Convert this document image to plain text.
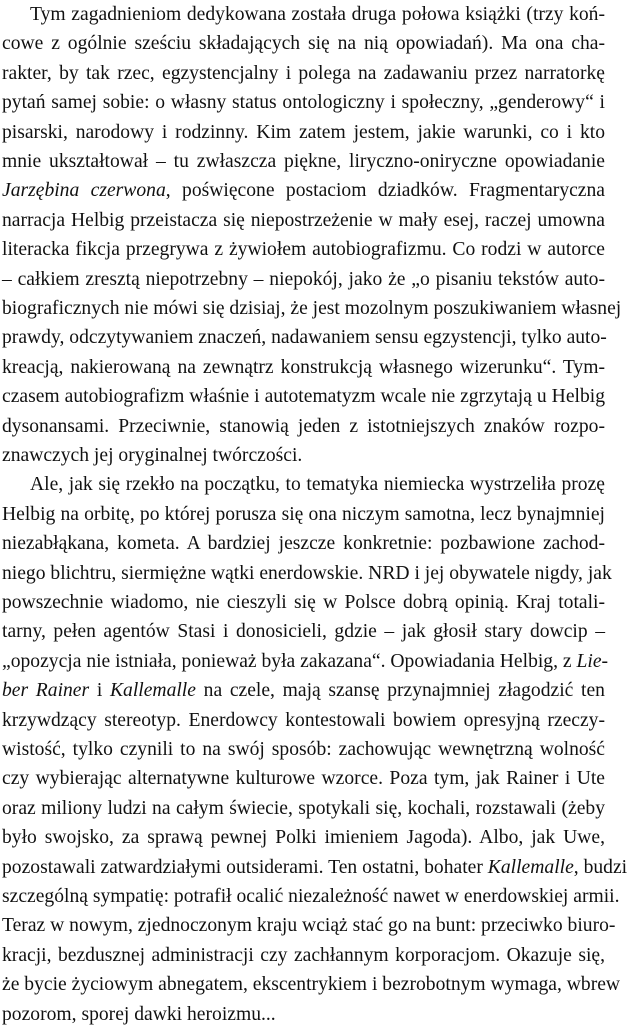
Tym zagadnieniom dedykowana została druga połowa książki (trzy koń-
cowe z ogólnie sześciu składających się na nią opowiadań). Ma ona cha-
rakter, by tak rzec, egzystencjalny i polega na zadawaniu przez narratorkę
pytań samej sobie: o własny status ontologiczny i społeczny, „genderowy“ i
pisarski, narodowy i rodzinny. Kim zatem jestem, jakie warunki, co i kto
mnie ukształtował – tu zwłaszcza piękne, liryczno-oniryczne opowiadanie
Jarzębina czerwona, poświęcone postaciom dziadków. Fragmentaryczna
narracja Helbig przeistacza się niepostrzeżenie w mały esej, raczej umowna
literacka fikcja przegrywa z żywiołem autobiografizmu. Co rodzi w autorce
– całkiem zresztą niepotrzebny – niepokój, jako że „o pisaniu tekstów auto-
biograficznych nie mówi się dzisiaj, że jest mozolnym poszukiwaniem własnej
prawdy, odczytywaniem znaczeń, nadawaniem sensu egzystencji, tylko auto-
kreacją, nakierowaną na zewnątrz konstrukcją własnego wizerunku“. Tym-
czasem autobiografizm właśnie i autotematyzm wcale nie zgrzytają u Helbig
dysonansami. Przeciwnie, stanowią jeden z istotniejszych znaków rozpo-
znawczych jej oryginalnej twórczości.
Ale, jak się rzekło na początku, to tematyka niemiecka wystrzeliła prozę
Helbig na orbitę, po której porusza się ona niczym samotna, lecz bynajmniej
niezabłąkana, kometa. A bardziej jeszcze konkretnie: pozbawione zachod-
niego blichtru, siermiężne wątki enerdowskie. NRD i jej obywatele nigdy, jak
powszechnie wiadomo, nie cieszyli się w Polsce dobrą opinią. Kraj totali-
tarny, pełen agentów Stasi i donosicieli, gdzie – jak głosił stary dowcip –
„opozycja nie istniała, ponieważ była zakazana“. Opowiadania Helbig, z Lie-
ber Rainer i Kallemalle na czele, mają szansę przynajmniej złagodzić ten
krzywdzący stereotyp. Enerdowcy kontestowali bowiem opresyjną rzeczy-
wistość, tylko czynili to na swój sposób: zachowując wewnętrzną wolność
czy wybierając alternatywne kulturowe wzorce. Poza tym, jak Rainer i Ute
oraz miliony ludzi na całym świecie, spotykali się, kochali, rozstawali (żeby
było swojsko, za sprawą pewnej Polki imieniem Jagoda). Albo, jak Uwe,
pozostawali zatwardziałymi outsiderami. Ten ostatni, bohater Kallemalle, budzi
szczególną sympatię: potrafił ocalić niezależność nawet w enerdowskiej armii.
Teraz w nowym, zjednoczonym kraju wciąż stać go na bunt: przeciwko biuro-
kracji, bezdusznej administracji czy zachłannym korporacjom. Okazuje się,
że bycie życiowym abnegatem, ekscentrykiem i bezrobotnym wymaga, wbrew
pozorom, sporej dawki heroizmu...
